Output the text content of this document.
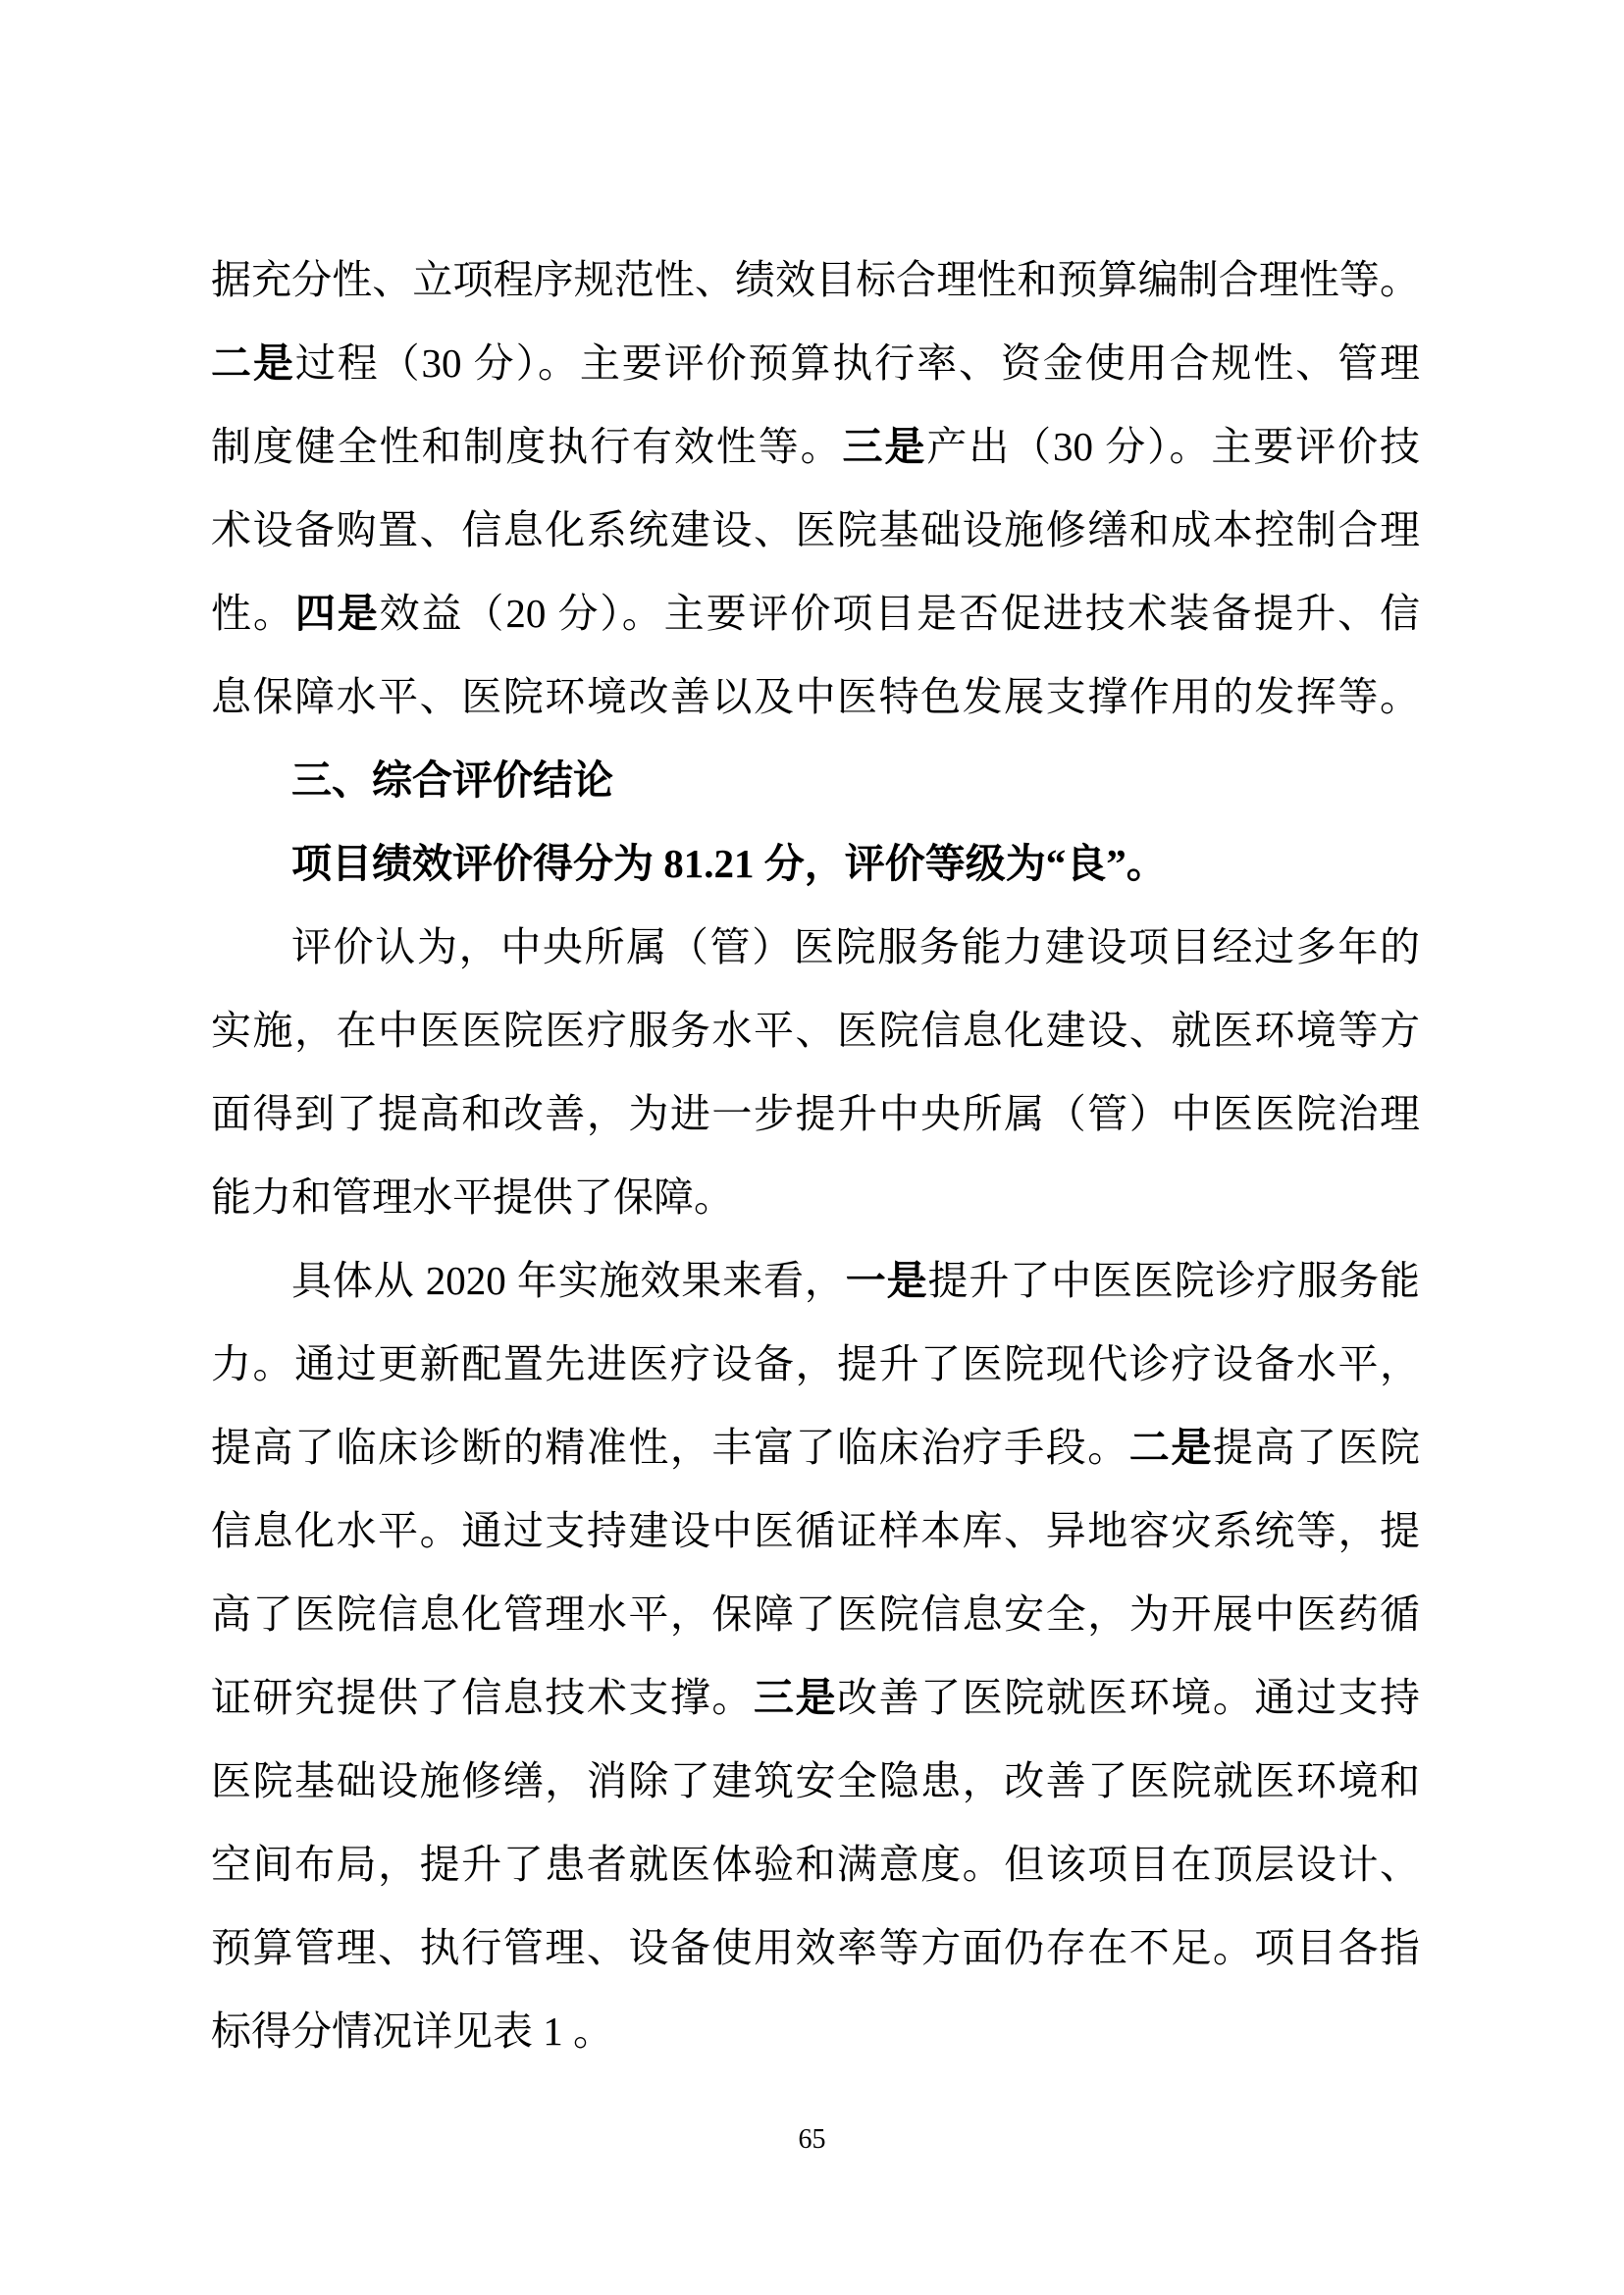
据充分性、立项程序规范性、绩效目标合理性和预算编制合理性等。
二是过程（30 分）。主要评价预算执行率、资金使用合规性、管理
制度健全性和制度执行有效性等。三是产出（30 分）。主要评价技
术设备购置、信息化系统建设、医院基础设施修缮和成本控制合理
性。四是效益（20 分）。主要评价项目是否促进技术装备提升、信
息保障水平、医院环境改善以及中医特色发展支撑作用的发挥等。
三、综合评价结论
项目绩效评价得分为 81.21 分，评价等级为“良”。
评价认为，中央所属（管）医院服务能力建设项目经过多年的
实施，在中医医院医疗服务水平、医院信息化建设、就医环境等方
面得到了提高和改善，为进一步提升中央所属（管）中医医院治理
能力和管理水平提供了保障。
具体从 2020 年实施效果来看，一是提升了中医医院诊疗服务能
力。通过更新配置先进医疗设备，提升了医院现代诊疗设备水平，
提高了临床诊断的精准性，丰富了临床治疗手段。二是提高了医院
信息化水平。通过支持建设中医循证样本库、异地容灾系统等，提
高了医院信息化管理水平，保障了医院信息安全，为开展中医药循
证研究提供了信息技术支撑。三是改善了医院就医环境。通过支持
医院基础设施修缮，消除了建筑安全隐患，改善了医院就医环境和
空间布局，提升了患者就医体验和满意度。但该项目在顶层设计、
预算管理、执行管理、设备使用效率等方面仍存在不足。项目各指
标得分情况详见表 1 。
65
